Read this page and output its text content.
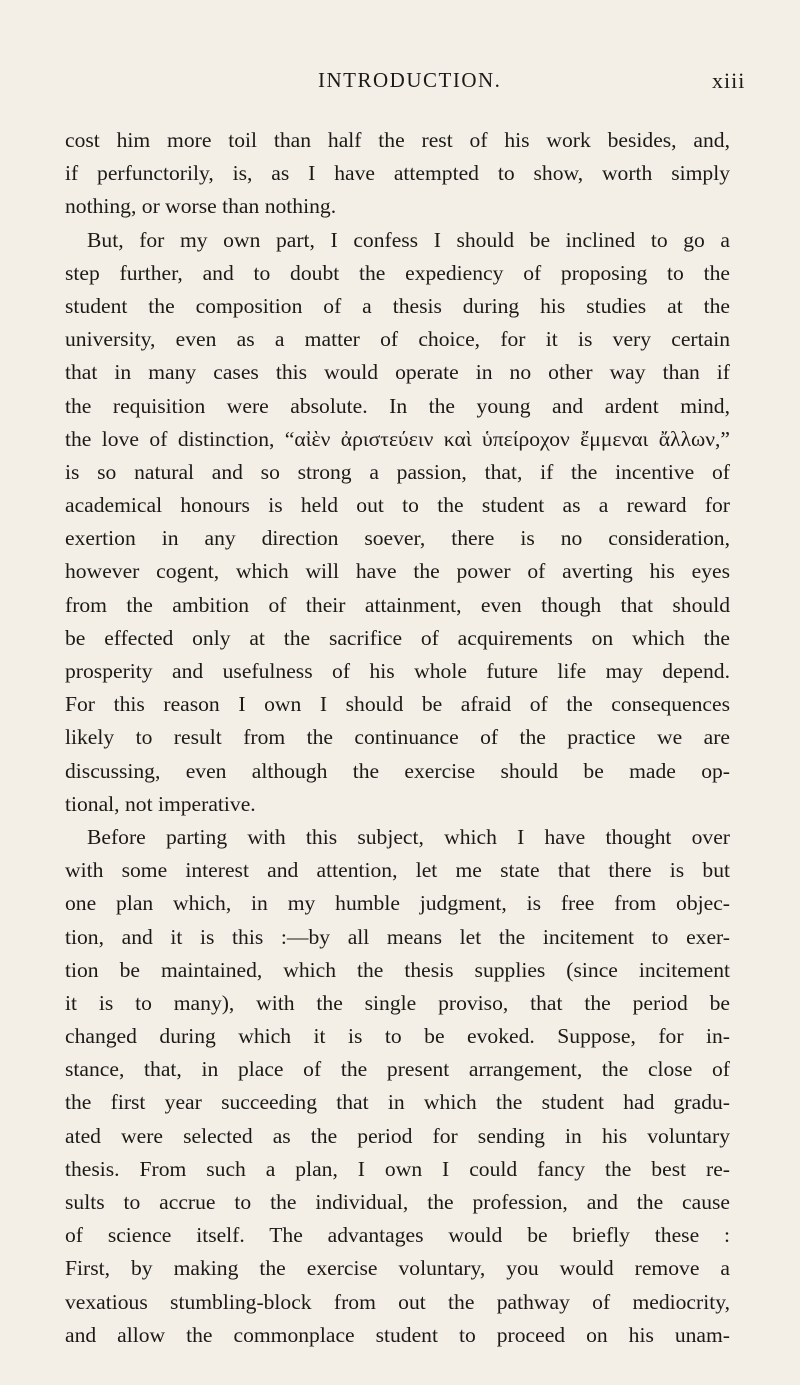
INTRODUCTION.	xiii
cost him more toil than half the rest of his work besides, and,
if perfunctorily, is, as I have attempted to show, worth simply
nothing, or worse than nothing.
But, for my own part, I confess I should be inclined to go a
step further, and to doubt the expediency of proposing to the
student the composition of a thesis during his studies at the
university, even as a matter of choice, for it is very certain
that in many cases this would operate in no other way than if
the requisition were absolute. In the young and ardent mind,
the love of distinction, “αἰὲν ἀριστεύειν καὶ ὑπείροχον ἔμμεναι ἄλλων,”
is so natural and so strong a passion, that, if the incentive of
academical honours is held out to the student as a reward for
exertion in any direction soever, there is no consideration,
however cogent, which will have the power of averting his eyes
from the ambition of their attainment, even though that should
be effected only at the sacrifice of acquirements on which the
prosperity and usefulness of his whole future life may depend.
For this reason I own I should be afraid of the consequences
likely to result from the continuance of the practice we are
discussing, even although the exercise should be made op-
tional, not imperative.
Before parting with this subject, which I have thought over
with some interest and attention, let me state that there is but
one plan which, in my humble judgment, is free from objec-
tion, and it is this :—by all means let the incitement to exer-
tion be maintained, which the thesis supplies (since incitement
it is to many), with the single proviso, that the period be
changed during which it is to be evoked. Suppose, for in-
stance, that, in place of the present arrangement, the close of
the first year succeeding that in which the student had gradu-
ated were selected as the period for sending in his voluntary
thesis. From such a plan, I own I could fancy the best re-
sults to accrue to the individual, the profession, and the cause
of science itself. The advantages would be briefly these :
First, by making the exercise voluntary, you would remove a
vexatious stumbling-block from out the pathway of mediocrity,
and allow the commonplace student to proceed on his unam-
